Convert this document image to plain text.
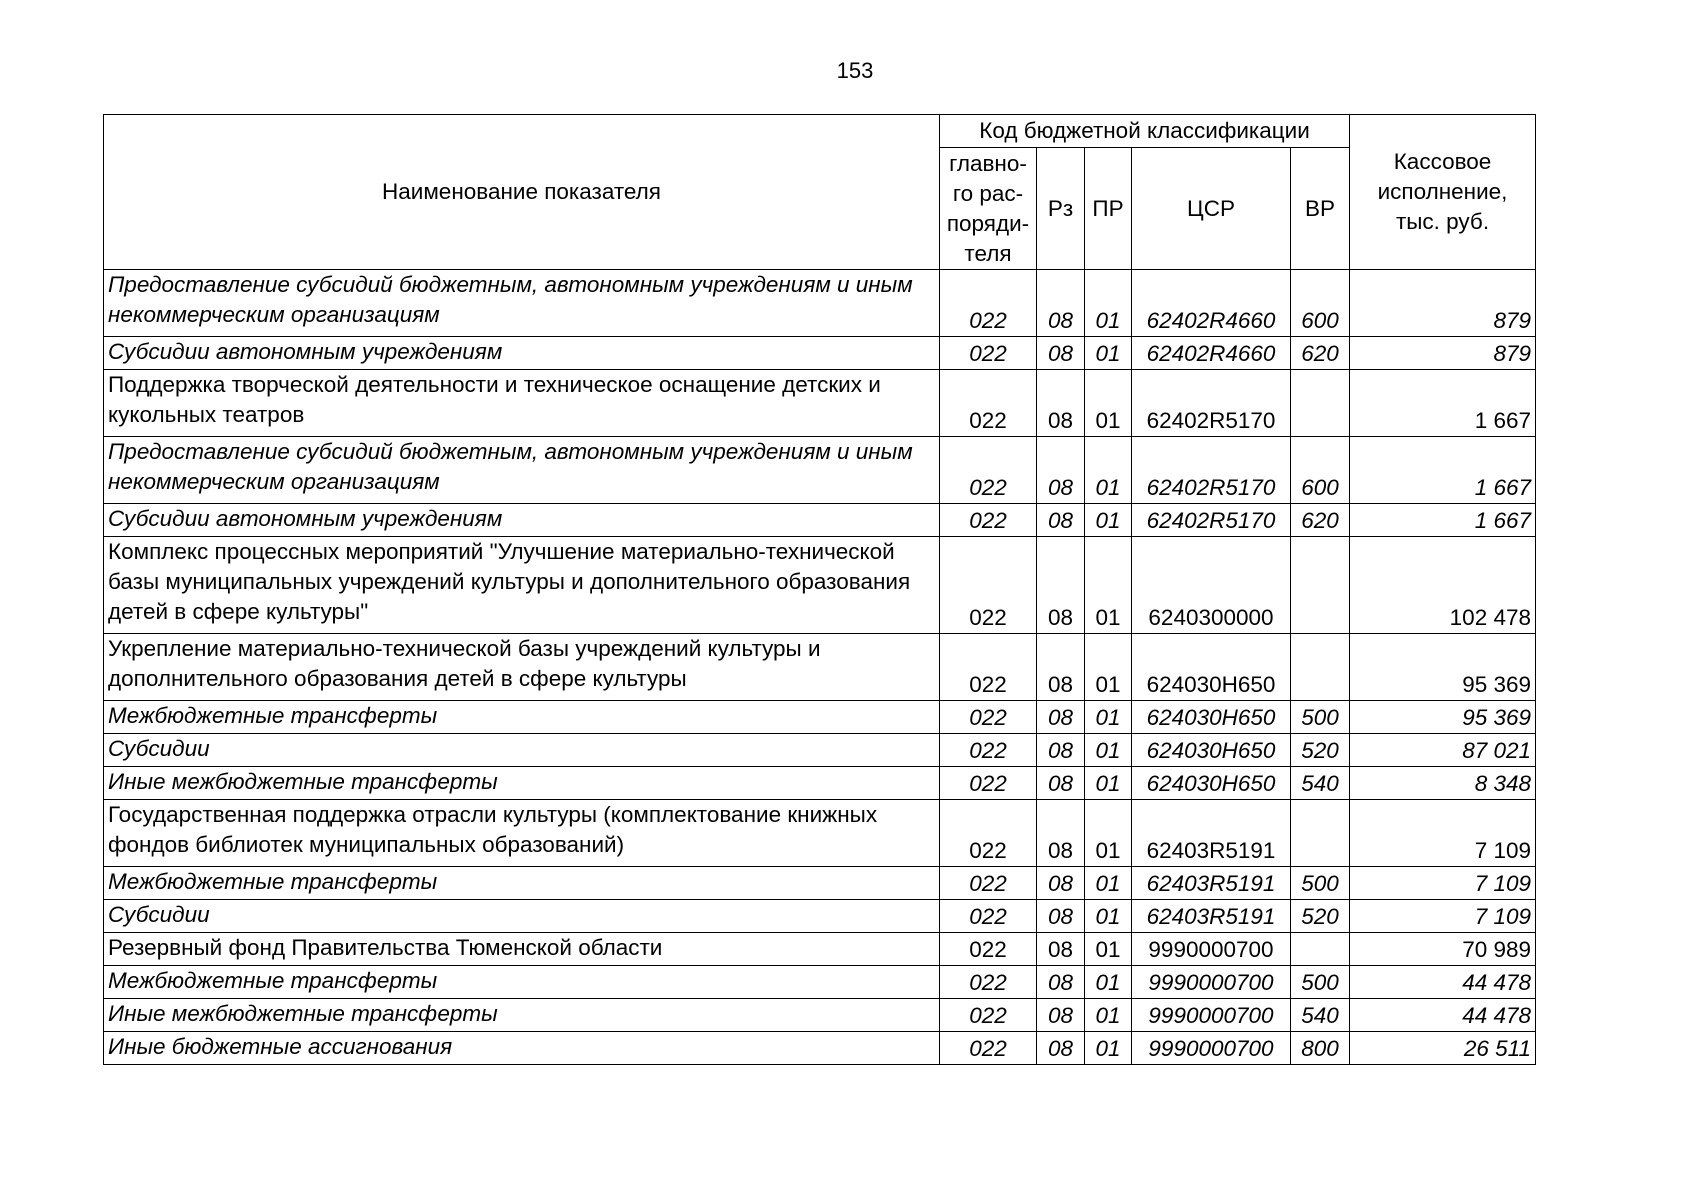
153
Наименование показателя	Код бюджетной классификации					Кассовое исполнение, тыс. руб.
	главно-го рас-поряди-теля	Рз	ПР	ЦСР	ВР	
Предоставление субсидий бюджетным, автономным учреждениям и иным некоммерческим организациям	022	08	01	62402R4660	600	879
Субсидии автономным учреждениям	022	08	01	62402R4660	620	879
Поддержка творческой деятельности и техническое оснащение детских и кукольных театров	022	08	01	62402R5170		1 667
Предоставление субсидий бюджетным, автономным учреждениям и иным некоммерческим организациям	022	08	01	62402R5170	600	1 667
Субсидии автономным учреждениям	022	08	01	62402R5170	620	1 667
Комплекс процессных мероприятий "Улучшение материально-технической базы муниципальных учреждений культуры и дополнительного образования детей в сфере культуры"	022	08	01	6240300000		102 478
Укрепление материально-технической базы учреждений культуры и дополнительного образования детей в сфере культуры	022	08	01	624030Н650		95 369
Межбюджетные трансферты	022	08	01	624030Н650	500	95 369
Субсидии	022	08	01	624030Н650	520	87 021
Иные межбюджетные трансферты	022	08	01	624030Н650	540	8 348
Государственная поддержка отрасли культуры (комплектование книжных фондов библиотек муниципальных образований)	022	08	01	62403R5191		7 109
Межбюджетные трансферты	022	08	01	62403R5191	500	7 109
Субсидии	022	08	01	62403R5191	520	7 109
Резервный фонд Правительства Тюменской области	022	08	01	9990000700		70 989
Межбюджетные трансферты	022	08	01	9990000700	500	44 478
Иные межбюджетные трансферты	022	08	01	9990000700	540	44 478
Иные бюджетные ассигнования	022	08	01	9990000700	800	26 511
